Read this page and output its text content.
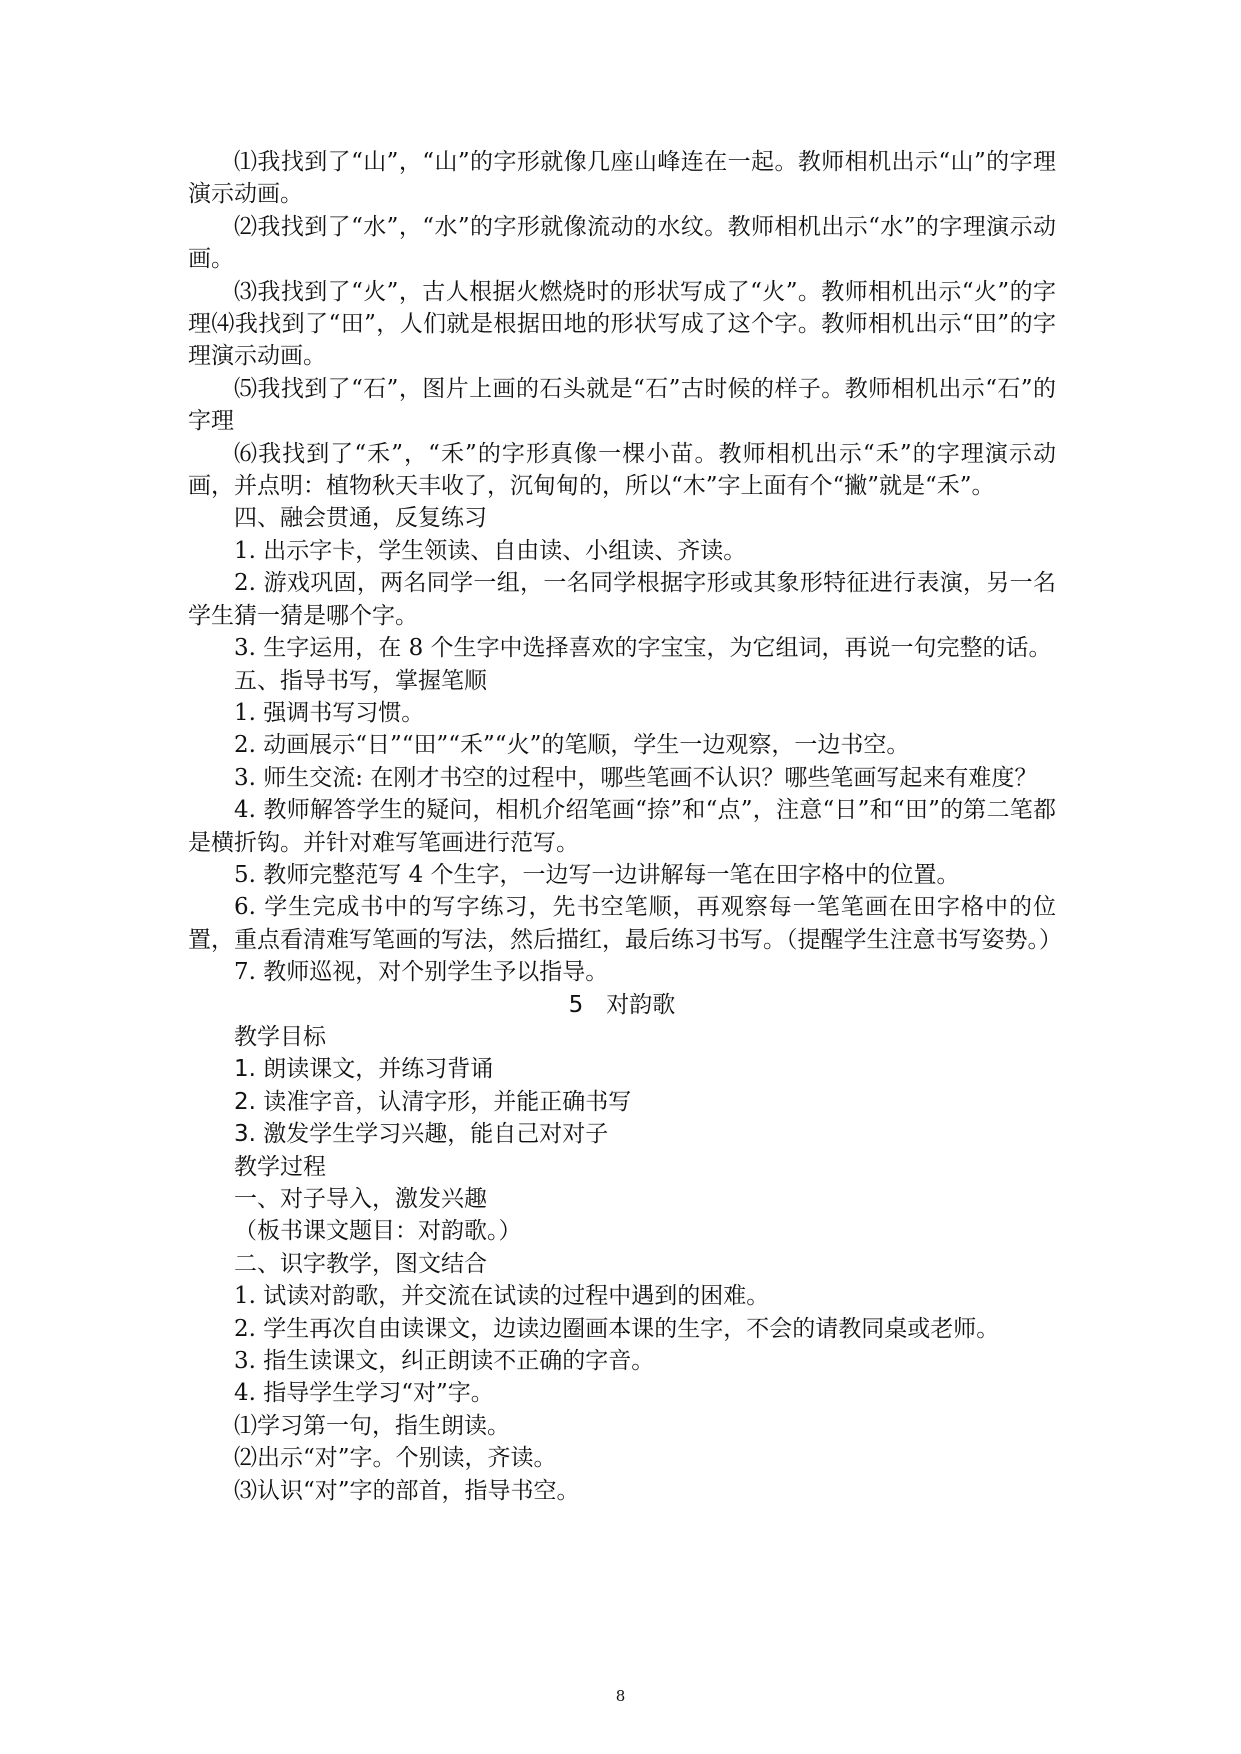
⑴我找到了“山”，“山”的字形就像几座山峰连在一起。教师相机出示“山”的字理演示动画。

⑵我找到了“水”，“水”的字形就像流动的水纹。教师相机出示“水”的字理演示动画。

⑶我找到了“火”，古人根据火燃烧时的形状写成了“火”。教师相机出示“火”的字理⑷我找到了“田”，人们就是根据田地的形状写成了这个字。教师相机出示“田”的字理演示动画。

⑸我找到了“石”，图片上画的石头就是“石”古时候的样子。教师相机出示“石”的字理

⑹我找到了“禾”，“禾”的字形真像一棵小苗。教师相机出示“禾”的字理演示动画，并点明：植物秋天丰收了，沉甸甸的，所以“木”字上面有个“撇”就是“禾”。

四、融会贯通，反复练习

1. 出示字卡，学生领读、自由读、小组读、齐读。

2. 游戏巩固，两名同学一组，一名同学根据字形或其象形特征进行表演，另一名学生猜一猜是哪个字。

3. 生字运用，在 8 个生字中选择喜欢的字宝宝，为它组词，再说一句完整的话。

五、指导书写，掌握笔顺

1. 强调书写习惯。

2. 动画展示“日”“田”“禾”“火”的笔顺，学生一边观察，一边书空。

3. 师生交流: 在刚才书空的过程中，哪些笔画不认识？哪些笔画写起来有难度？

4. 教师解答学生的疑问，相机介绍笔画“捺”和“点”，注意“日”和“田”的第二笔都是横折钩。并针对难写笔画进行范写。

5. 教师完整范写 4 个生字，一边写一边讲解每一笔在田字格中的位置。

6. 学生完成书中的写字练习，先书空笔顺，再观察每一笔笔画在田字格中的位置，重点看清难写笔画的写法，然后描红，最后练习书写。（提醒学生注意书写姿势。）

7. 教师巡视，对个别学生予以指导。

5　对韵歌

教学目标

1. 朗读课文，并练习背诵

2. 读准字音，认清字形，并能正确书写

3. 激发学生学习兴趣，能自己对对子

教学过程

一、对子导入，激发兴趣

（板书课文题目：对韵歌。）

二、识字教学，图文结合

1. 试读对韵歌，并交流在试读的过程中遇到的困难。

2. 学生再次自由读课文，边读边圈画本课的生字，不会的请教同桌或老师。

3. 指生读课文，纠正朗读不正确的字音。

4. 指导学生学习“对”字。

⑴学习第一句，指生朗读。

⑵出示“对”字。个别读，齐读。

⑶认识“对”字的部首，指导书空。

8
